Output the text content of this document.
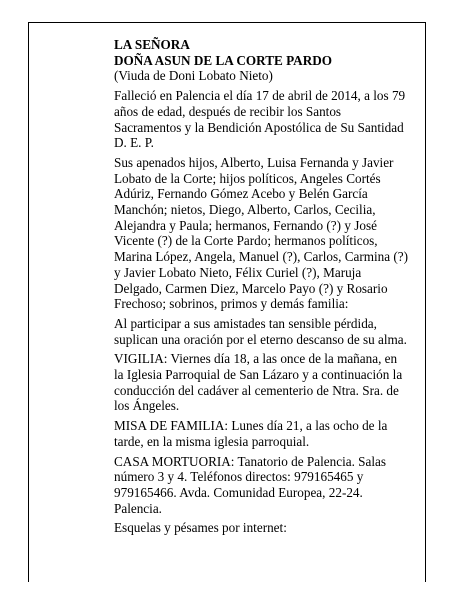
LA SEÑORA
DOÑA ASUN DE LA CORTE PARDO

(Viuda de Doni Lobato Nieto)

Falleció en Palencia el día 17 de abril de 2014, a los 79
años de edad, después de recibir los Santos
Sacramentos y la Bendición Apostólica de Su Santidad
D. E. P.

Sus apenados hijos, Alberto, Luisa Fernanda y Javier
Lobato de la Corte; hijos políticos, Angeles Cortés
Adúriz, Fernando Gómez Acebo y Belén García
Manchón; nietos, Diego, Alberto, Carlos, Cecilia,
Alejandra y Paula; hermanos, Fernando (?) y José
Vicente (?) de la Corte Pardo; hermanos políticos,
Marina López, Angela, Manuel (?), Carlos, Carmina (?)
y Javier Lobato Nieto, Félix Curiel (?), Maruja
Delgado, Carmen Diez, Marcelo Payo (?) y Rosario
Frechoso; sobrinos, primos y demás familia:

Al participar a sus amistades tan sensible pérdida,
suplican una oración por el eterno descanso de su alma.

VIGILIA: Viernes día 18, a las once de la mañana, en
la Iglesia Parroquial de San Lázaro y a continuación la
conducción del cadáver al cementerio de Ntra. Sra. de
los Ángeles.

MISA DE FAMILIA: Lunes día 21, a las ocho de la
tarde, en la misma iglesia parroquial.

CASA MORTUORIA: Tanatorio de Palencia. Salas
número 3 y 4. Teléfonos directos: 979165465 y
979165466. Avda. Comunidad Europea, 22-24.
Palencia.

Esquelas y pésames por internet:
